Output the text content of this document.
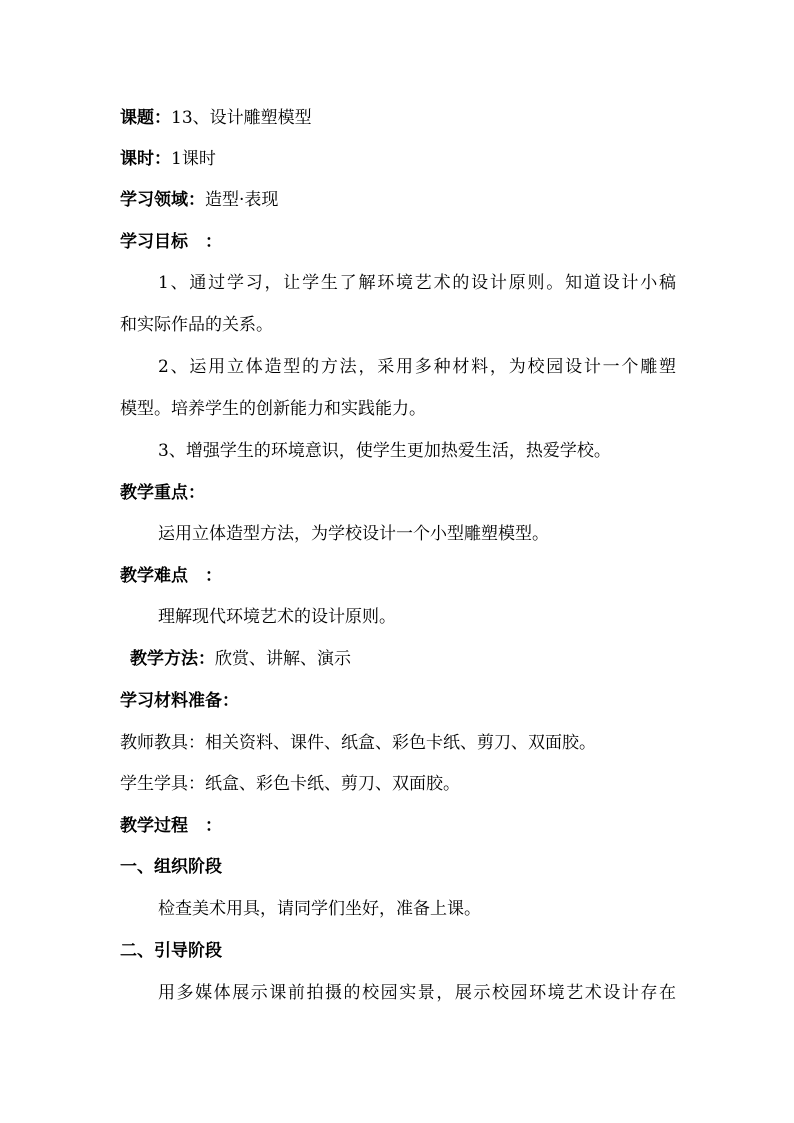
课题：13、设计雕塑模型
课时：1课时
学习领域：造型·表现
学习目标　：
1、通过学习，让学生了解环境艺术的设计原则。知道设计小稿
和实际作品的关系。
2、运用立体造型的方法，采用多种材料，为校园设计一个雕塑
模型。培养学生的创新能力和实践能力。
3、增强学生的环境意识，使学生更加热爱生活，热爱学校。
教学重点：
运用立体造型方法，为学校设计一个小型雕塑模型。
教学难点　：
理解现代环境艺术的设计原则。
教学方法：欣赏、讲解、演示
学习材料准备：
教师教具：相关资料、课件、纸盒、彩色卡纸、剪刀、双面胶。
学生学具：纸盒、彩色卡纸、剪刀、双面胶。
教学过程　：
一、组织阶段
检查美术用具，请同学们坐好，准备上课。
二、引导阶段
用多媒体展示课前拍摄的校园实景，展示校园环境艺术设计存在
